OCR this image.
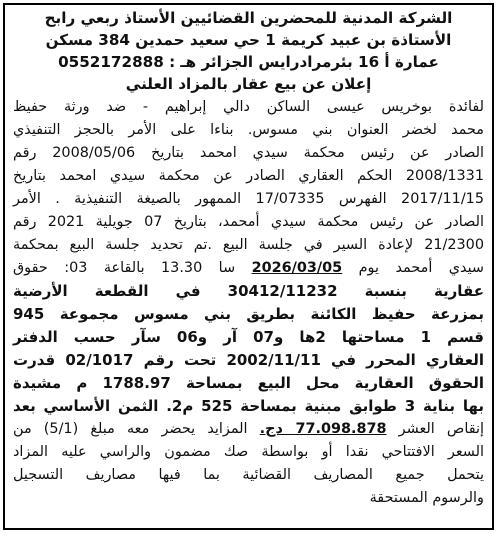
الشركة المدنية للمحضرين القضائيين الأستاذ ربعي رابح
الأستاذة بن عبيد كريمة 1 حي سعيد حمدين 384 مسكن
عمارة أ 16 بئرمرادرايس الجزائر هـ : 0552172888
إعلان عن بيع عقار بالمزاد العلني
لفائدة بوخريس عيسى الساكن دالي إبراهيم - ضد ورثة حفيظ
محمد لخضر العنوان بني مسوس. بناءا على الأمر بالحجز التنفيذي
الصادر عن رئيس محكمة سيدي امحمد بتاريخ 2008/05/06 رقم
2008/1331 الحكم العقاري الصادر عن محكمة سيدي امحمد بتاريخ
2017/11/15 الفهرس 17/07335 الممهور بالصيغة التنفيذية . الأمر
الصادر عن رئيس محكمة سيدي أمحمد، بتاريخ 07 جويلية 2021 رقم
21/2300 لإعادة السير في جلسة البيع .تم تحديد جلسة البيع بمحكمة
سيدي أمحمد يوم 2026/03/05 سا 13.30 بالقاعة 03: حقوق
عقارية بنسبة 30412/11232 في القطعة الأرضية
بمزرعة حفيظ الكائنة بطريق بني مسوس مجموعة 945
قسم 1 مساحتها 2ها و07 آر و06 سآر حسب الدفتر
العقاري المحرر في 2002/11/11 تحت رقم 02/1017 قدرت
الحقوق العقارية محل البيع بمساحة 1788.97 م مشيدة
بها بناية 3 طوابق مبنية بمساحة 525 م2. الثمن الأساسي بعد
إنقاص العشر 77.098.878 دج. المزايد يحضر معه مبلغ (5/1) من
السعر الافتتاحي نقدا أو بواسطة صك مضمون والراسي عليه المزاد
يتحمل جميع المصاريف القضائية بما فيها مصاريف التسجيل
والرسوم المستحقة
